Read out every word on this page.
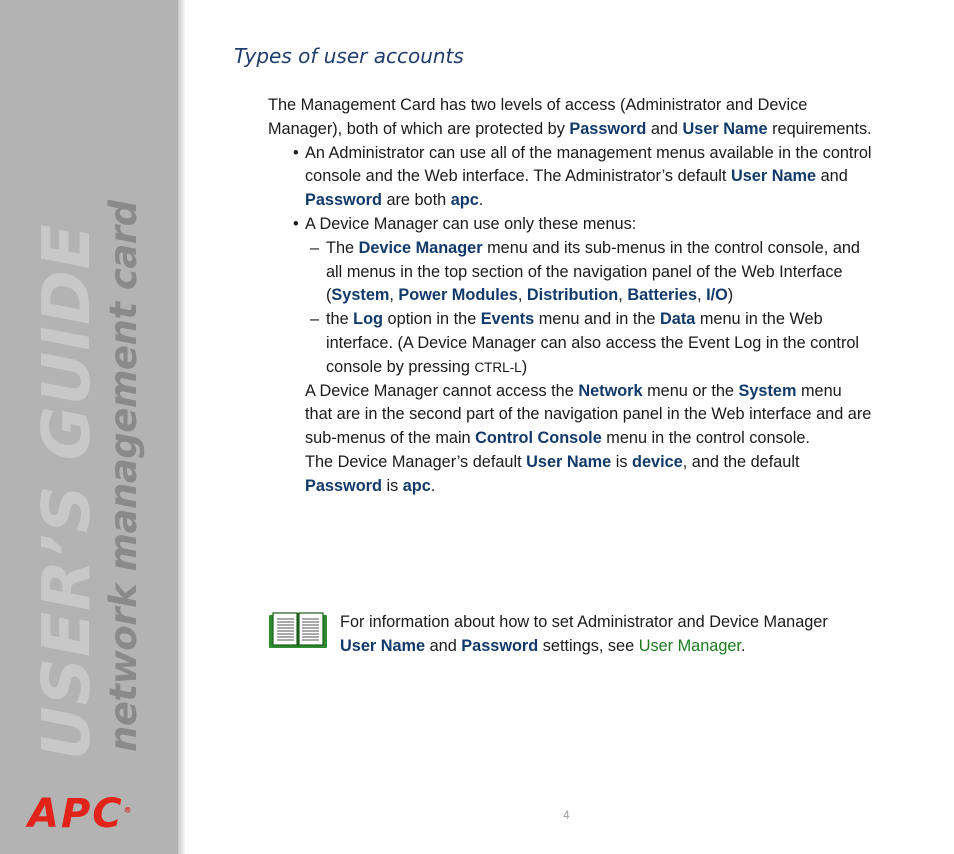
USER’S GUIDE
network management card
APC®
Types of user accounts

The Management Card has two levels of access (Administrator and Device Manager), both of which are protected by Password and User Name requirements.

• An Administrator can use all of the management menus available in the control console and the Web interface. The Administrator’s default User Name and Password are both apc.

• A Device Manager can use only these menus:

– The Device Manager menu and its sub-menus in the control console, and all menus in the top section of the navigation panel of the Web Interface (System, Power Modules, Distribution, Batteries, I/O)

– the Log option in the Events menu and in the Data menu in the Web interface. (A Device Manager can also access the Event Log in the control console by pressing CTRL-L)

A Device Manager cannot access the Network menu or the System menu that are in the second part of the navigation panel in the Web interface and are sub-menus of the main Control Console menu in the control console.

The Device Manager’s default User Name is device, and the default Password is apc.

For information about how to set Administrator and Device Manager User Name and Password settings, see User Manager.

4
